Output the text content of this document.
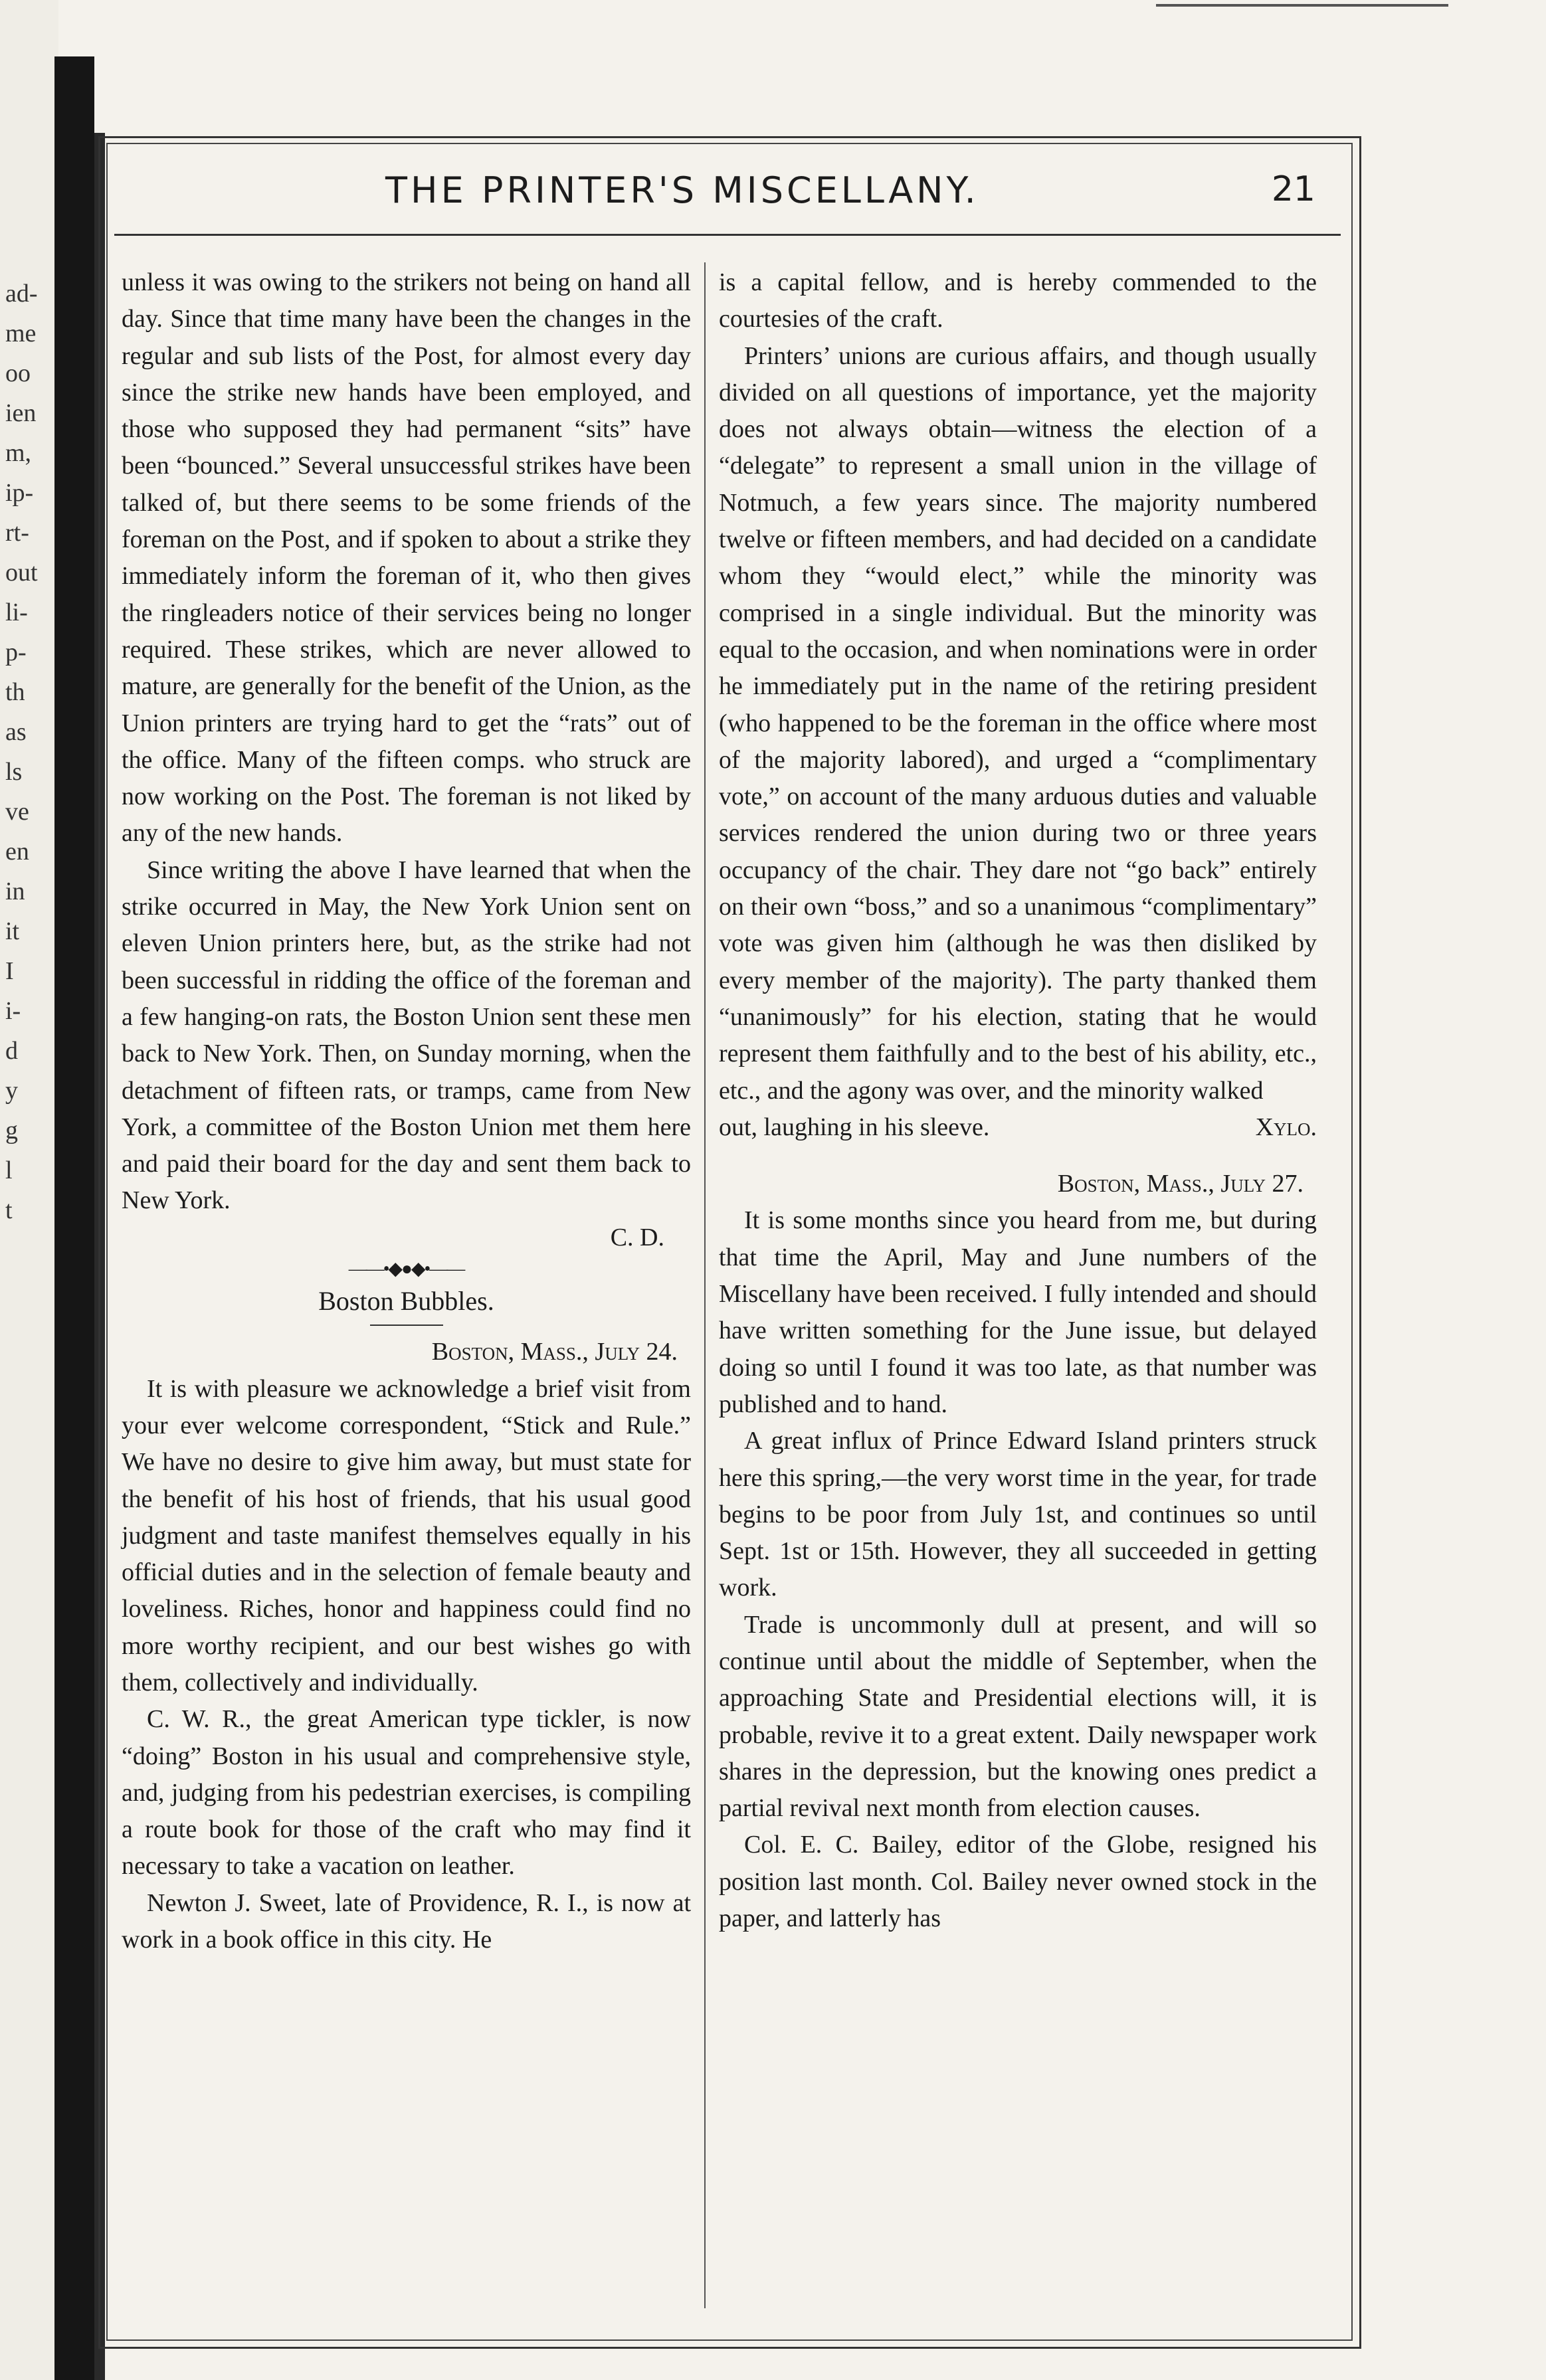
ad-
me
oo
ien
m,
ip-
rt-
out
li-
p-
th
as
ls
ve
en
in
it
I
i-
d
y
g
l
t
THE PRINTER'S MISCELLANY.	21

unless it was owing to the strikers not being on hand all day. Since that time many have been the changes in the regular and sub lists of the Post, for almost every day since the strike new hands have been employed, and those who supposed they had permanent “sits” have been “bounced.” Several unsuccessful strikes have been talked of, but there seems to be some friends of the foreman on the Post, and if spoken to about a strike they immediately inform the foreman of it, who then gives the ringleaders notice of their services being no longer required. These strikes, which are never allowed to mature, are generally for the benefit of the Union, as the Union printers are trying hard to get the “rats” out of the office. Many of the fifteen comps. who struck are now working on the Post. The foreman is not liked by any of the new hands.

Since writing the above I have learned that when the strike occurred in May, the New York Union sent on eleven Union printers here, but, as the strike had not been successful in ridding the office of the foreman and a few hanging-on rats, the Boston Union sent these men back to New York. Then, on Sunday morning, when the detachment of fifteen rats, or tramps, came from New York, a committee of the Boston Union met them here and paid their board for the day and sent them back to New York.

C. D.

——•◆●◆•——

Boston Bubbles.

Boston, Mass., July 24.

It is with pleasure we acknowledge a brief visit from your ever welcome correspondent, “Stick and Rule.” We have no desire to give him away, but must state for the benefit of his host of friends, that his usual good judgment and taste manifest themselves equally in his official duties and in the selection of female beauty and loveliness. Riches, honor and happiness could find no more worthy recipient, and our best wishes go with them, collectively and individually.

C. W. R., the great American type tickler, is now “doing” Boston in his usual and comprehensive style, and, judging from his pedestrian exercises, is compiling a route book for those of the craft who may find it necessary to take a vacation on leather.

Newton J. Sweet, late of Providence, R. I., is now at work in a book office in this city. He

is a capital fellow, and is hereby commended to the courtesies of the craft.

Printers’ unions are curious affairs, and though usually divided on all questions of importance, yet the majority does not always obtain—witness the election of a “delegate” to represent a small union in the village of Notmuch, a few years since. The majority numbered twelve or fifteen members, and had decided on a candidate whom they “would elect,” while the minority was comprised in a single individual. But the minority was equal to the occasion, and when nominations were in order he immediately put in the name of the retiring president (who happened to be the foreman in the office where most of the majority labored), and urged a “complimentary vote,” on account of the many arduous duties and valuable services rendered the union during two or three years occupancy of the chair. They dare not “go back” entirely on their own “boss,” and so a unanimous “complimentary” vote was given him (although he was then disliked by every member of the majority). The party thanked them “unanimously” for his election, stating that he would represent them faithfully and to the best of his ability, etc., etc., and the agony was over, and the minority walked

out, laughing in his sleeve.	Xylo.

Boston, Mass., July 27.

It is some months since you heard from me, but during that time the April, May and June numbers of the Miscellany have been received. I fully intended and should have written something for the June issue, but delayed doing so until I found it was too late, as that number was published and to hand.

A great influx of Prince Edward Island printers struck here this spring,—the very worst time in the year, for trade begins to be poor from July 1st, and continues so until Sept. 1st or 15th. However, they all succeeded in getting work.

Trade is uncommonly dull at present, and will so continue until about the middle of September, when the approaching State and Presidential elections will, it is probable, revive it to a great extent. Daily newspaper work shares in the depression, but the knowing ones predict a partial revival next month from election causes.

Col. E. C. Bailey, editor of the Globe, resigned his position last month. Col. Bailey never owned stock in the paper, and latterly has
